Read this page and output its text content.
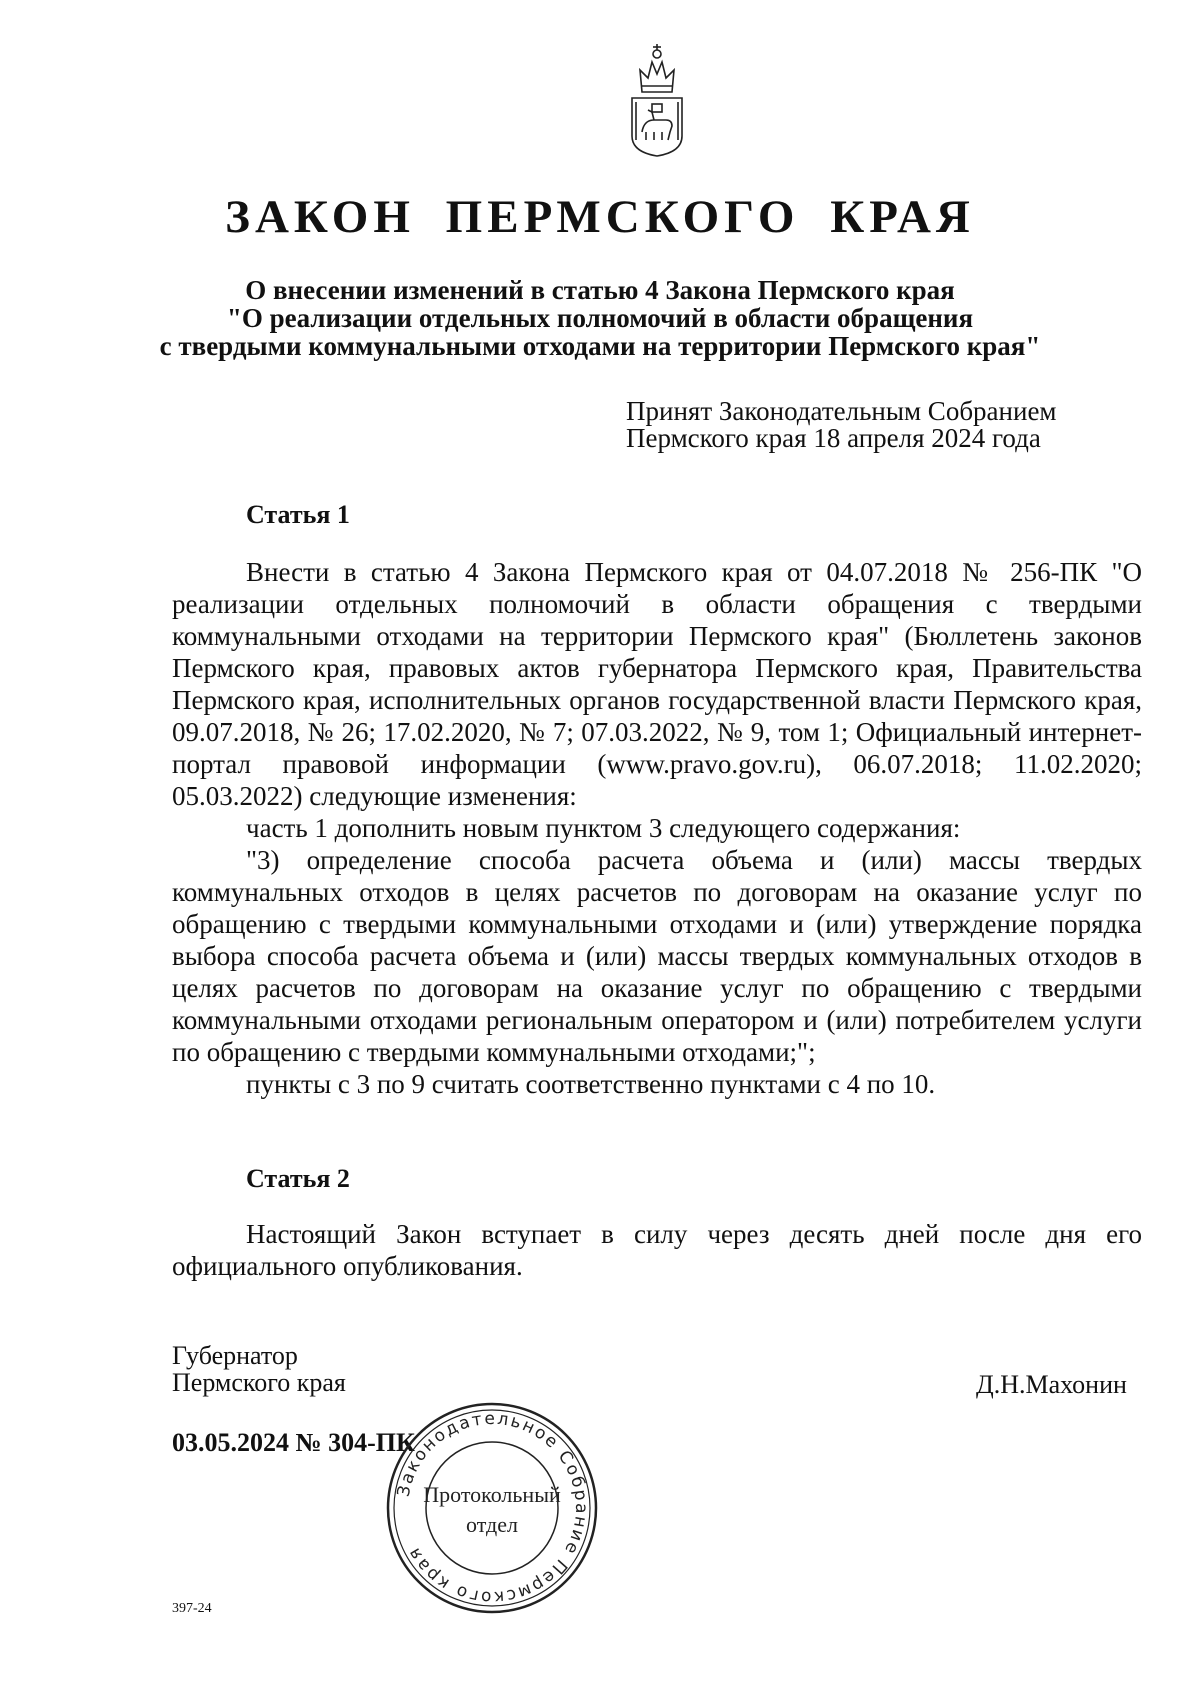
ЗАКОН ПЕРМСКОГО КРАЯ
О внесении изменений в статью 4 Закона Пермского края
"О реализации отдельных полномочий в области обращения
с твердыми коммунальными отходами на территории Пермского края"
Принят Законодательным Собранием
Пермского края 18 апреля 2024 года
Статья 1

Внести в статью 4 Закона Пермского края от 04.07.2018 № 256-ПК "О реализации отдельных полномочий в области обращения с твердыми коммунальными отходами на территории Пермского края" (Бюллетень законов Пермского края, правовых актов губернатора Пермского края, Правительства Пермского края, исполнительных органов государственной власти Пермского края, 09.07.2018, № 26; 17.02.2020, № 7; 07.03.2022, № 9, том 1; Официальный интернет-портал правовой информации (www.pravo.gov.ru), 06.07.2018; 11.02.2020; 05.03.2022) следующие изменения:

часть 1 дополнить новым пунктом 3 следующего содержания:

"3) определение способа расчета объема и (или) массы твердых коммунальных отходов в целях расчетов по договорам на оказание услуг по обращению с твердыми коммунальными отходами и (или) утверждение порядка выбора способа расчета объема и (или) массы твердых коммунальных отходов в целях расчетов по договорам на оказание услуг по обращению с твердыми коммунальными отходами региональным оператором и (или) потребителем услуги по обращению с твердыми коммунальными отходами;";

пункты с 3 по 9 считать соответственно пунктами с 4 по 10.

Статья 2

Настоящий Закон вступает в силу через десять дней после дня его официального опубликования.

Губернатор
Пермского края	Д.Н.Махонин
03.05.2024 № 304-ПК
Законодательное Собрание Пермского края
Протокольный
отдел
397-24
